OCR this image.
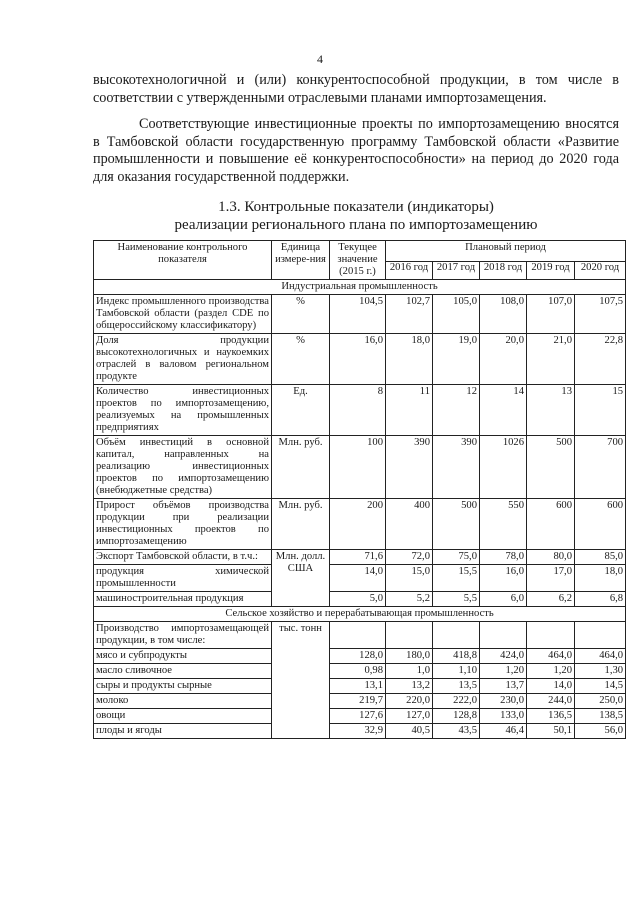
4

высокотехнологичной и (или) конкурентоспособной продукции, в том числе в соответствии с утвержденными отраслевыми планами импортозамещения.

Соответствующие инвестиционные проекты по импортозамещению вносятся в Тамбовской области государственную программу Тамбовской области «Развитие промышленности и повышение её конкурентоспособности» на период до 2020 года для оказания государственной поддержки.

1.3. Контрольные показатели (индикаторы)
реализации регионального плана по импортозамещению
Наименование контрольного показателя	Единица измере-ния	Текущее значение (2015 г.)	Плановый период				
			2016 год	2017 год	2018 год	2019 год	2020 год
Индустриальная промышленность							
Индекс промышленного производства Тамбовской области (раздел CDE по общероссийскому классификатору)	%	104,5	102,7	105,0	108,0	107,0	107,5
Доля продукции высокотехнологичных и наукоемких отраслей в валовом региональном продукте	%	16,0	18,0	19,0	20,0	21,0	22,8
Количество инвестиционных проектов по импортозамещению, реализуемых на промышленных предприятиях	Ед.	8	11	12	14	13	15
Объём инвестиций в основной капитал, направленных на реализацию инвестиционных проектов по импортозамещению (внебюджетные средства)	Млн. руб.	100	390	390	1026	500	700
Прирост объёмов производства продукции при реализации инвестиционных проектов по импортозамещению	Млн. руб.	200	400	500	550	600	600
Экспорт Тамбовской области, в т.ч.:	Млн. долл. США	71,6	72,0	75,0	78,0	80,0	85,0
продукция химической промышленности		14,0	15,0	15,5	16,0	17,0	18,0
машиностроительная продукция		5,0	5,2	5,5	6,0	6,2	6,8
Сельское хозяйство и перерабатывающая промышленность							
Производство импортозамещающей продукции, в том числе:	тыс. тонн						
мясо и субпродукты		128,0	180,0	418,8	424,0	464,0	464,0
масло сливочное		0,98	1,0	1,10	1,20	1,20	1,30
сыры и продукты сырные		13,1	13,2	13,5	13,7	14,0	14,5
молоко		219,7	220,0	222,0	230,0	244,0	250,0
овощи		127,6	127,0	128,8	133,0	136,5	138,5
плоды и ягоды		32,9	40,5	43,5	46,4	50,1	56,0
